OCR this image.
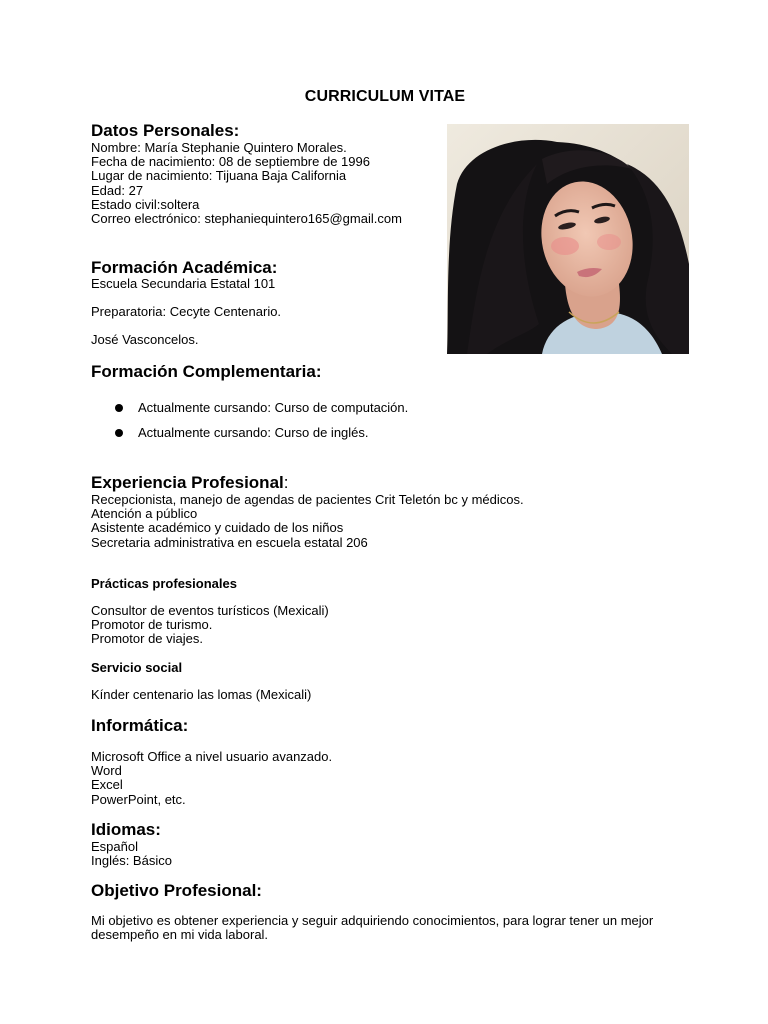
CURRICULUM VITAE
Datos Personales:
Nombre: María Stephanie Quintero Morales.
Fecha de nacimiento: 08 de septiembre de 1996
Lugar de nacimiento: Tijuana Baja California
Edad: 27
Estado civil:soltera
Correo electrónico: stephaniequintero165@gmail.com
Formación Académica:
Escuela Secundaria Estatal 101
Preparatoria: Cecyte Centenario.
José Vasconcelos.
Formación Complementaria:
Actualmente cursando: Curso de computación.
Actualmente cursando: Curso de inglés.
Experiencia Profesional:
Recepcionista, manejo de agendas de pacientes Crit Teletón bc y médicos.
Atención a público
Asistente académico y cuidado de los niños
Secretaria administrativa en escuela estatal 206
Prácticas profesionales
Consultor de eventos turísticos (Mexicali)
Promotor de turismo.
Promotor de viajes.
Servicio social
Kínder centenario las lomas (Mexicali)
Informática:
Microsoft Office a nivel usuario avanzado.
Word
Excel
PowerPoint, etc.
Idiomas:
Español
Inglés: Básico
Objetivo Profesional:
Mi objetivo es obtener experiencia y seguir adquiriendo conocimientos, para lograr tener un mejor
desempeño en mi vida laboral.
